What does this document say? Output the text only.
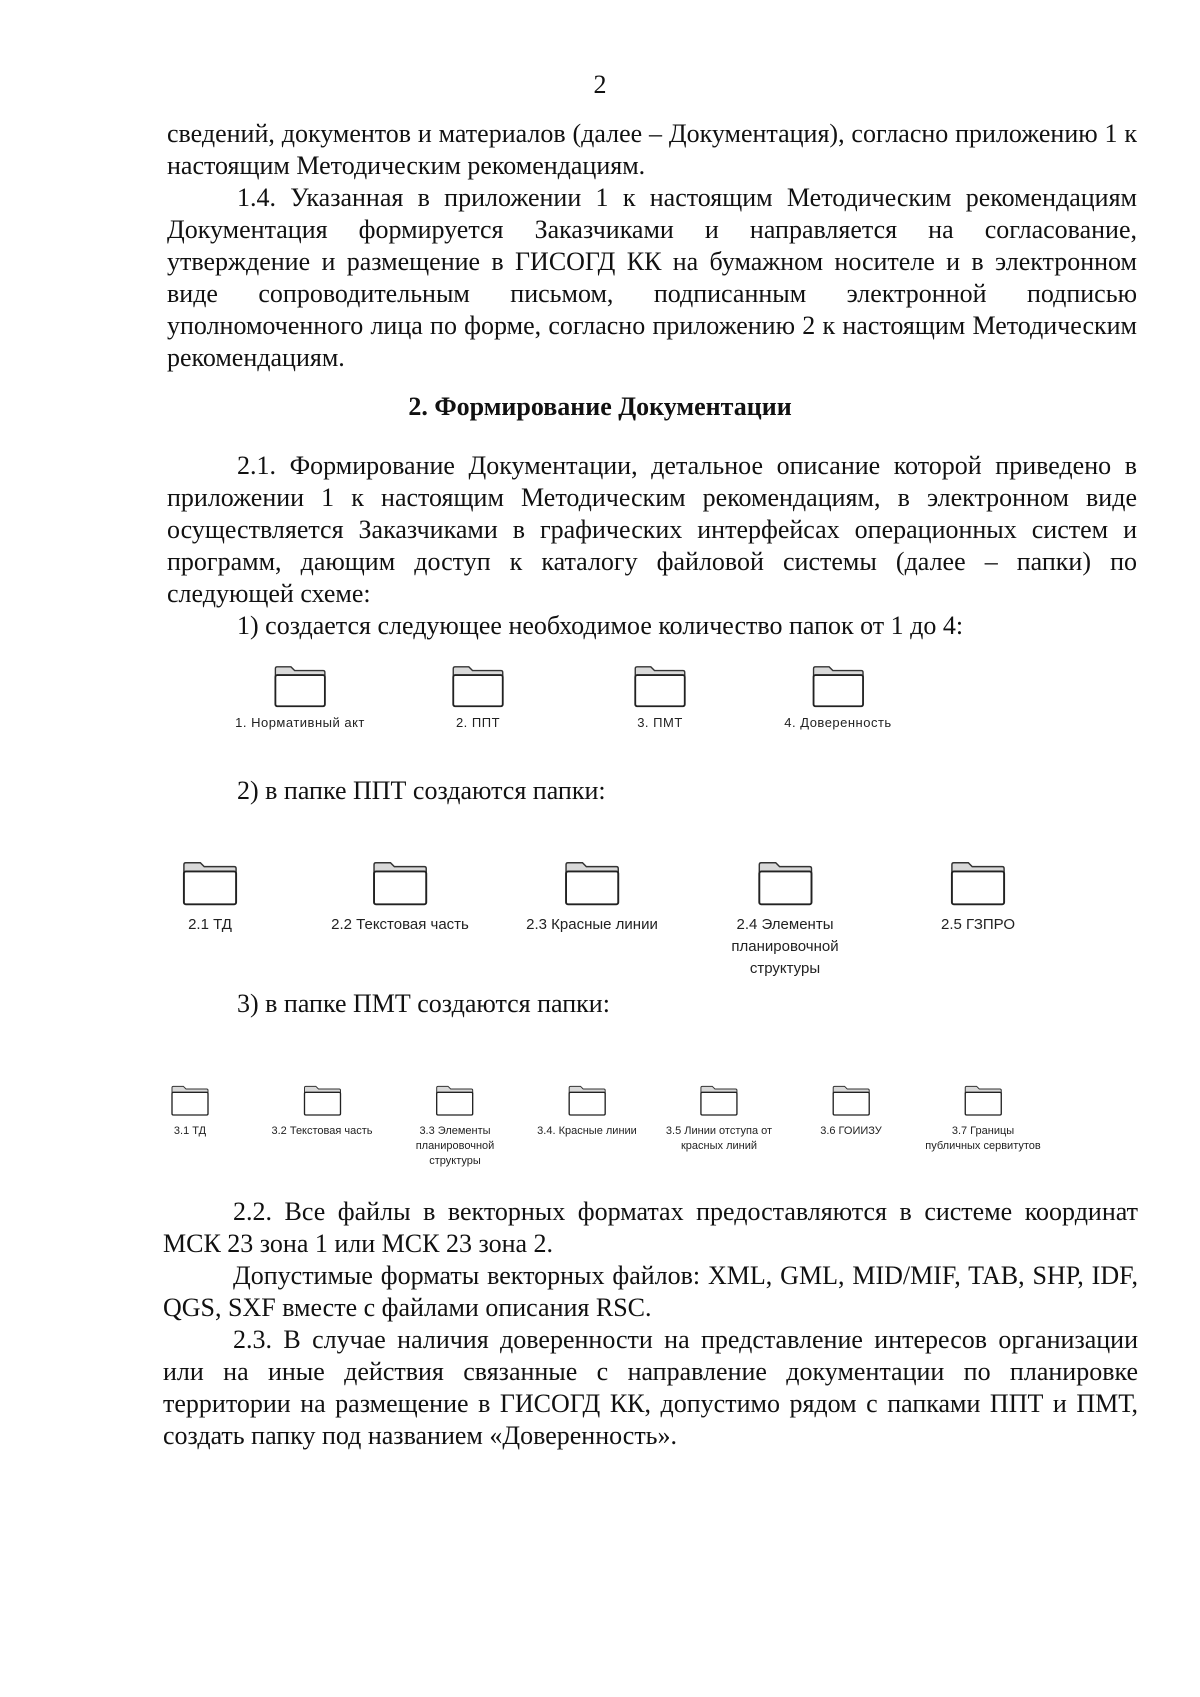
2

сведений, документов и материалов (далее – Документация), согласно приложению 1 к настоящим Методическим рекомендациям.

1.4. Указанная в приложении 1 к настоящим Методическим рекомендациям Документация формируется Заказчиками и направляется на согласование, утверждение и размещение в ГИСОГД КК на бумажном носителе и в электронном виде сопроводительным письмом, подписанным электронной подписью уполномоченного лица по форме, согласно приложению 2 к настоящим Методическим рекомендациям.

2. Формирование Документации

2.1. Формирование Документации, детальное описание которой приведено в приложении 1 к настоящим Методическим рекомендациям, в электронном виде осуществляется Заказчиками в графических интерфейсах операционных систем и программ, дающим доступ к каталогу файловой системы (далее – папки) по следующей схеме:

1) создается следующее необходимое количество папок от 1 до 4:

1. Нормативный акт	2. ППТ	3. ПМТ	4. Доверенность

2) в папке ППТ создаются папки:

2.1 ТД	2.2 Текстовая часть	2.3 Красные линии	2.4 Элементы
планировочной
структуры
2.5 ГЗПРО

3) в папке ПМТ создаются папки:

3.1 ТД	3.2 Текстовая часть	3.3 Элементы
планировочной
структуры
3.4. Красные линии	3.5 Линии отступа от
красных линий
3.6 ГОИИЗУ	3.7 Границы
публичных сервитутов

2.2. Все файлы в векторных форматах предоставляются в системе координат МСК 23 зона 1 или МСК 23 зона 2.

Допустимые форматы векторных файлов: XML, GML, MID/MIF, TAB, SHP, IDF, QGS, SXF вместе с файлами описания RSC.

2.3. В случае наличия доверенности на представление интересов организации или на иные действия связанные с направление документации по планировке территории на размещение в ГИСОГД КК, допустимо рядом с папками ППТ и ПМТ, создать папку под названием «Доверенность».
